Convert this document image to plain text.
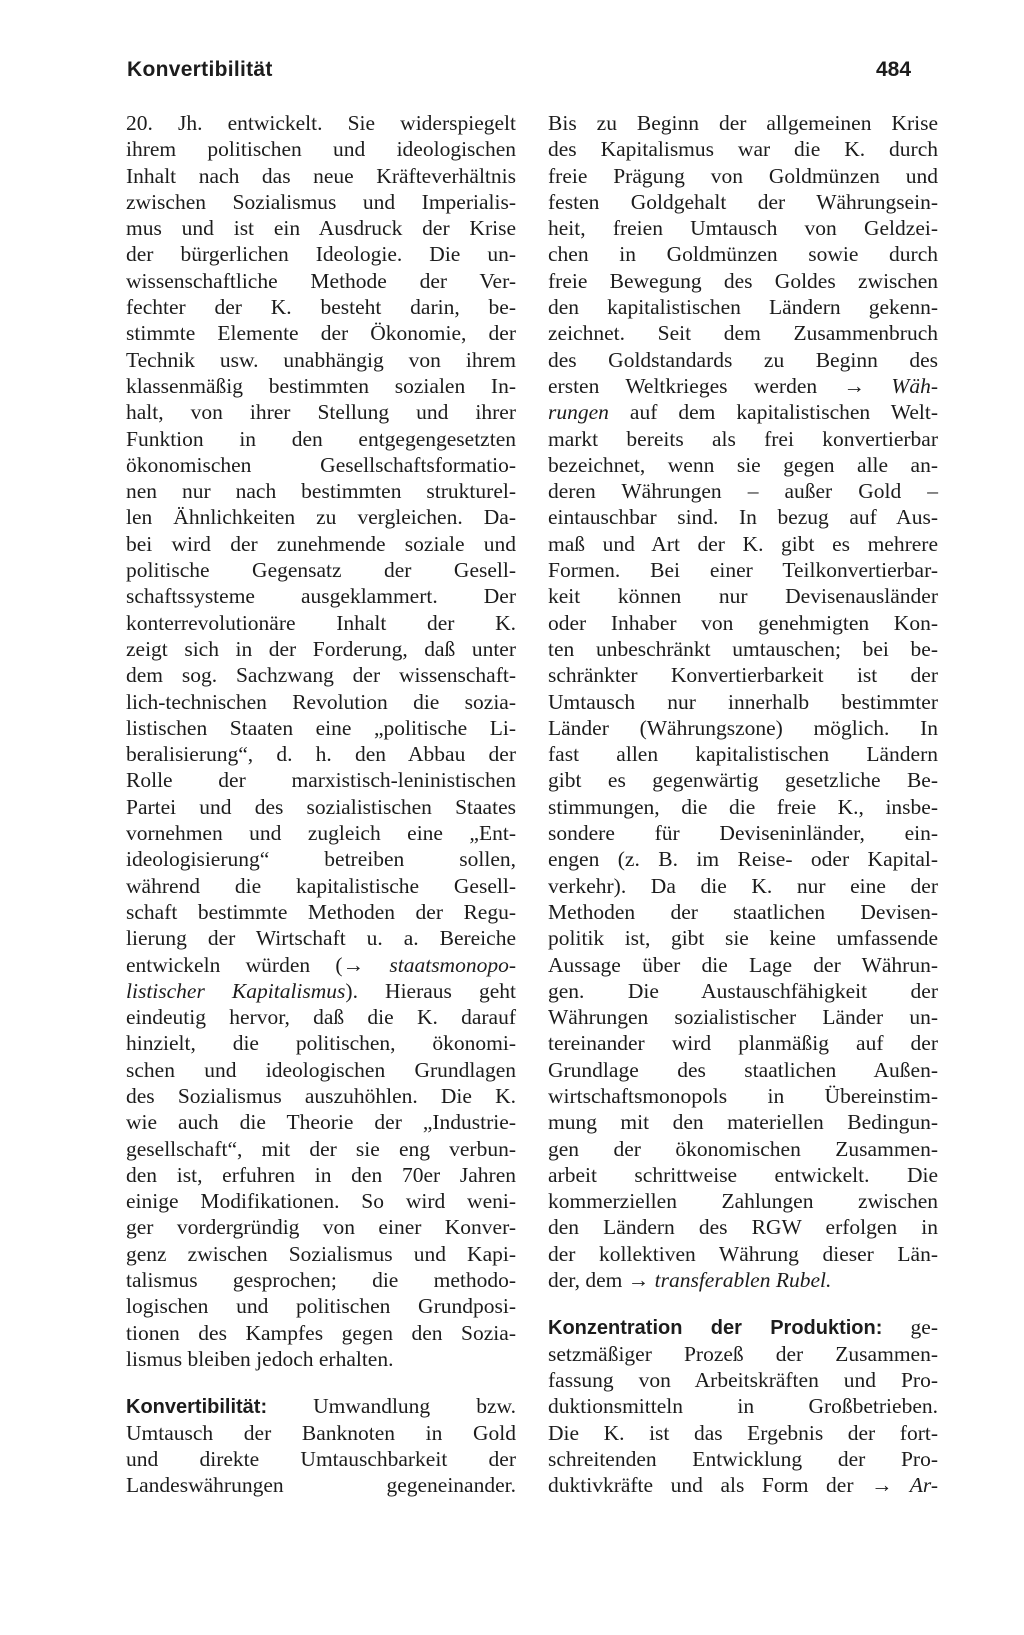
Konvertibilität	484
20. Jh. entwickelt. Sie widerspiegelt
ihrem politischen und ideologischen
Inhalt nach das neue Kräfteverhältnis
zwischen Sozialismus und Imperialis-
mus und ist ein Ausdruck der Krise
der bürgerlichen Ideologie. Die un-
wissenschaftliche Methode der Ver-
fechter der K. besteht darin, be-
stimmte Elemente der Ökonomie, der
Technik usw. unabhängig von ihrem
klassenmäßig bestimmten sozialen In-
halt, von ihrer Stellung und ihrer
Funktion in den entgegengesetzten
ökonomischen Gesellschaftsformatio-
nen nur nach bestimmten strukturel-
len Ähnlichkeiten zu vergleichen. Da-
bei wird der zunehmende soziale und
politische Gegensatz der Gesell-
schaftssysteme ausgeklammert. Der
konterrevolutionäre Inhalt der K.
zeigt sich in der Forderung, daß unter
dem sog. Sachzwang der wissenschaft-
lich-technischen Revolution die sozia-
listischen Staaten eine „politische Li-
beralisierung“, d. h. den Abbau der
Rolle der marxistisch-leninistischen
Partei und des sozialistischen Staates
vornehmen und zugleich eine „Ent-
ideologisierung“ betreiben sollen,
während die kapitalistische Gesell-
schaft bestimmte Methoden der Regu-
lierung der Wirtschaft u. a. Bereiche
entwickeln würden (→ staatsmonopo-
listischer Kapitalismus). Hieraus geht
eindeutig hervor, daß die K. darauf
hinzielt, die politischen, ökonomi-
schen und ideologischen Grundlagen
des Sozialismus auszuhöhlen. Die K.
wie auch die Theorie der „Industrie-
gesellschaft“, mit der sie eng verbun-
den ist, erfuhren in den 70er Jahren
einige Modifikationen. So wird weni-
ger vordergründig von einer Konver-
genz zwischen Sozialismus und Kapi-
talismus gesprochen; die methodo-
logischen und politischen Grundposi-
tionen des Kampfes gegen den Sozia-
lismus bleiben jedoch erhalten.
Konvertibilität: Umwandlung bzw.
Umtausch der Banknoten in Gold
und direkte Umtauschbarkeit der
Landeswährungen gegeneinander.
Bis zu Beginn der allgemeinen Krise
des Kapitalismus war die K. durch
freie Prägung von Goldmünzen und
festen Goldgehalt der Währungsein-
heit, freien Umtausch von Geldzei-
chen in Goldmünzen sowie durch
freie Bewegung des Goldes zwischen
den kapitalistischen Ländern gekenn-
zeichnet. Seit dem Zusammenbruch
des Goldstandards zu Beginn des
ersten Weltkrieges werden → Wäh-
rungen auf dem kapitalistischen Welt-
markt bereits als frei konvertierbar
bezeichnet, wenn sie gegen alle an-
deren Währungen – außer Gold –
eintauschbar sind. In bezug auf Aus-
maß und Art der K. gibt es mehrere
Formen. Bei einer Teilkonvertierbar-
keit können nur Devisenausländer
oder Inhaber von genehmigten Kon-
ten unbeschränkt umtauschen; bei be-
schränkter Konvertierbarkeit ist der
Umtausch nur innerhalb bestimmter
Länder (Währungszone) möglich. In
fast allen kapitalistischen Ländern
gibt es gegenwärtig gesetzliche Be-
stimmungen, die die freie K., insbe-
sondere für Deviseninländer, ein-
engen (z. B. im Reise- oder Kapital-
verkehr). Da die K. nur eine der
Methoden der staatlichen Devisen-
politik ist, gibt sie keine umfassende
Aussage über die Lage der Währun-
gen. Die Austauschfähigkeit der
Währungen sozialistischer Länder un-
tereinander wird planmäßig auf der
Grundlage des staatlichen Außen-
wirtschaftsmonopols in Übereinstim-
mung mit den materiellen Bedingun-
gen der ökonomischen Zusammen-
arbeit schrittweise entwickelt. Die
kommerziellen Zahlungen zwischen
den Ländern des RGW erfolgen in
der kollektiven Währung dieser Län-
der, dem → transferablen Rubel.
Konzentration der Produktion: ge-
setzmäßiger Prozeß der Zusammen-
fassung von Arbeitskräften und Pro-
duktionsmitteln in Großbetrieben.
Die K. ist das Ergebnis der fort-
schreitenden Entwicklung der Pro-
duktivkräfte und als Form der → Ar-
